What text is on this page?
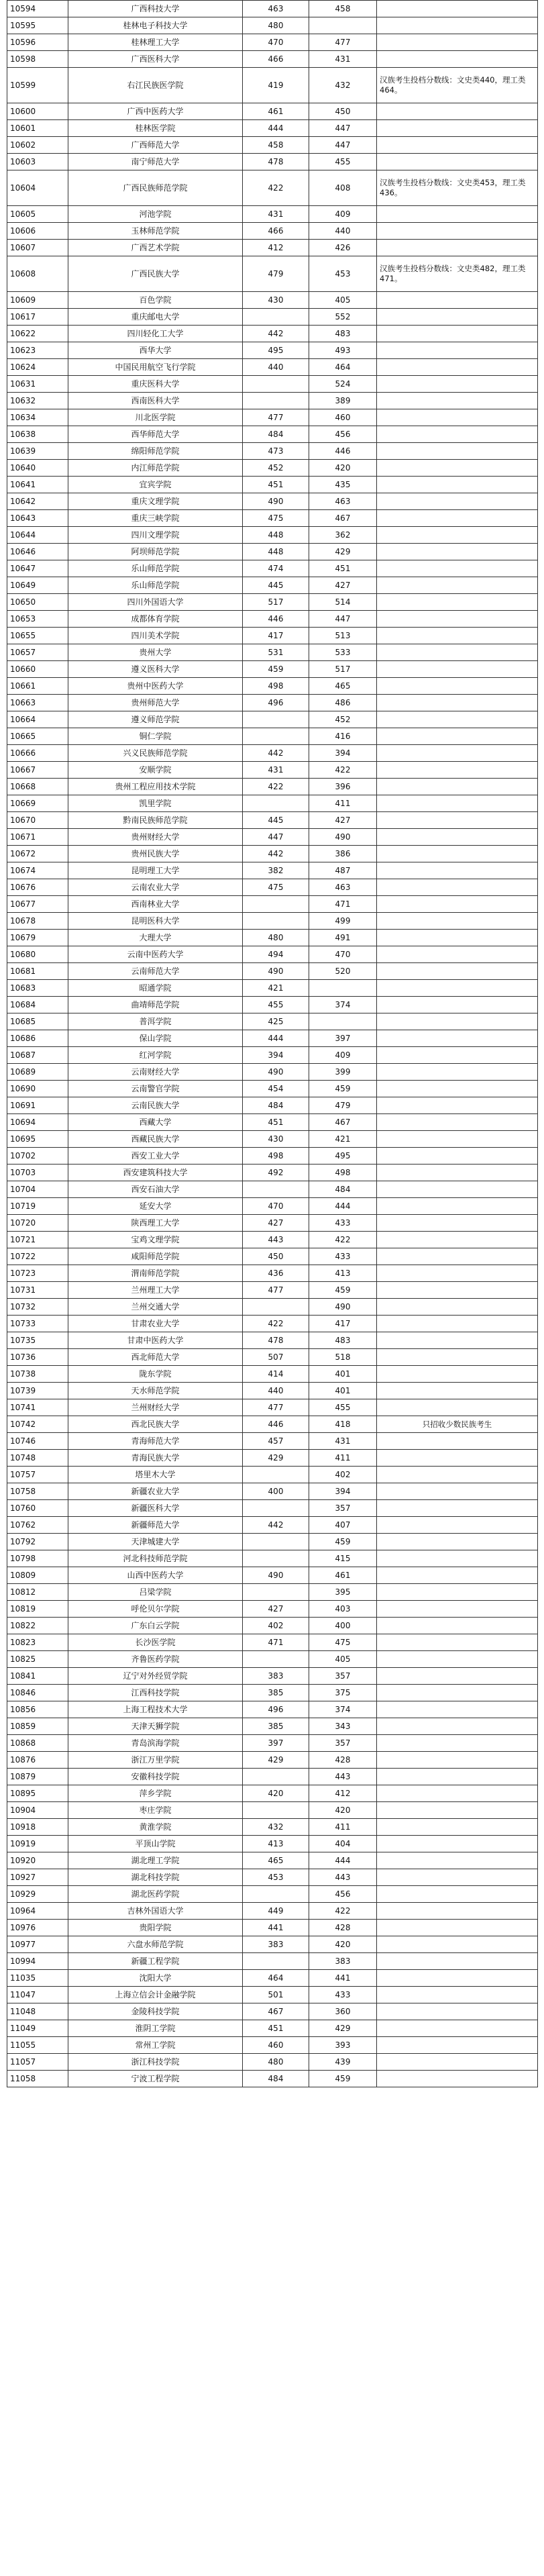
10594	广西科技大学	463	458	
10595	桂林电子科技大学	480		
10596	桂林理工大学	470	477	
10598	广西医科大学	466	431	
10599	右江民族医学院	419	432	汉族考生投档分数线：文史类440，理工类464。
10600	广西中医药大学	461	450	
10601	桂林医学院	444	447	
10602	广西师范大学	458	447	
10603	南宁师范大学	478	455	
10604	广西民族师范学院	422	408	汉族考生投档分数线：文史类453，理工类436。
10605	河池学院	431	409	
10606	玉林师范学院	466	440	
10607	广西艺术学院	412	426	
10608	广西民族大学	479	453	汉族考生投档分数线：文史类482，理工类471。
10609	百色学院	430	405	
10617	重庆邮电大学		552	
10622	四川轻化工大学	442	483	
10623	西华大学	495	493	
10624	中国民用航空飞行学院	440	464	
10631	重庆医科大学		524	
10632	西南医科大学		389	
10634	川北医学院	477	460	
10638	西华师范大学	484	456	
10639	绵阳师范学院	473	446	
10640	内江师范学院	452	420	
10641	宜宾学院	451	435	
10642	重庆文理学院	490	463	
10643	重庆三峡学院	475	467	
10644	四川文理学院	448	362	
10646	阿坝师范学院	448	429	
10647	乐山师范学院	474	451	
10649	乐山师范学院	445	427	
10650	四川外国语大学	517	514	
10653	成都体育学院	446	447	
10655	四川美术学院	417	513	
10657	贵州大学	531	533	
10660	遵义医科大学	459	517	
10661	贵州中医药大学	498	465	
10663	贵州师范大学	496	486	
10664	遵义师范学院		452	
10665	铜仁学院		416	
10666	兴义民族师范学院	442	394	
10667	安顺学院	431	422	
10668	贵州工程应用技术学院	422	396	
10669	凯里学院		411	
10670	黔南民族师范学院	445	427	
10671	贵州财经大学	447	490	
10672	贵州民族大学	442	386	
10674	昆明理工大学	382	487	
10676	云南农业大学	475	463	
10677	西南林业大学		471	
10678	昆明医科大学		499	
10679	大理大学	480	491	
10680	云南中医药大学	494	470	
10681	云南师范大学	490	520	
10683	昭通学院	421		
10684	曲靖师范学院	455	374	
10685	普洱学院	425		
10686	保山学院	444	397	
10687	红河学院	394	409	
10689	云南财经大学	490	399	
10690	云南警官学院	454	459	
10691	云南民族大学	484	479	
10694	西藏大学	451	467	
10695	西藏民族大学	430	421	
10702	西安工业大学	498	495	
10703	西安建筑科技大学	492	498	
10704	西安石油大学		484	
10719	延安大学	470	444	
10720	陕西理工大学	427	433	
10721	宝鸡文理学院	443	422	
10722	咸阳师范学院	450	433	
10723	渭南师范学院	436	413	
10731	兰州理工大学	477	459	
10732	兰州交通大学		490	
10733	甘肃农业大学	422	417	
10735	甘肃中医药大学	478	483	
10736	西北师范大学	507	518	
10738	陇东学院	414	401	
10739	天水师范学院	440	401	
10741	兰州财经大学	477	455	
10742	西北民族大学	446	418	只招收少数民族考生
10746	青海师范大学	457	431	
10748	青海民族大学	429	411	
10757	塔里木大学		402	
10758	新疆农业大学	400	394	
10760	新疆医科大学		357	
10762	新疆师范大学	442	407	
10792	天津城建大学		459	
10798	河北科技师范学院		415	
10809	山西中医药大学	490	461	
10812	吕梁学院		395	
10819	呼伦贝尔学院	427	403	
10822	广东白云学院	402	400	
10823	长沙医学院	471	475	
10825	齐鲁医药学院		405	
10841	辽宁对外经贸学院	383	357	
10846	江西科技学院	385	375	
10856	上海工程技术大学	496	374	
10859	天津天狮学院	385	343	
10868	青岛滨海学院	397	357	
10876	浙江万里学院	429	428	
10879	安徽科技学院		443	
10895	萍乡学院	420	412	
10904	枣庄学院		420	
10918	黄淮学院	432	411	
10919	平顶山学院	413	404	
10920	湖北理工学院	465	444	
10927	湖北科技学院	453	443	
10929	湖北医药学院		456	
10964	吉林外国语大学	449	422	
10976	贵阳学院	441	428	
10977	六盘水师范学院	383	420	
10994	新疆工程学院		383	
11035	沈阳大学	464	441	
11047	上海立信会计金融学院	501	433	
11048	金陵科技学院	467	360	
11049	淮阴工学院	451	429	
11055	常州工学院	460	393	
11057	浙江科技学院	480	439	
11058	宁波工程学院	484	459	
